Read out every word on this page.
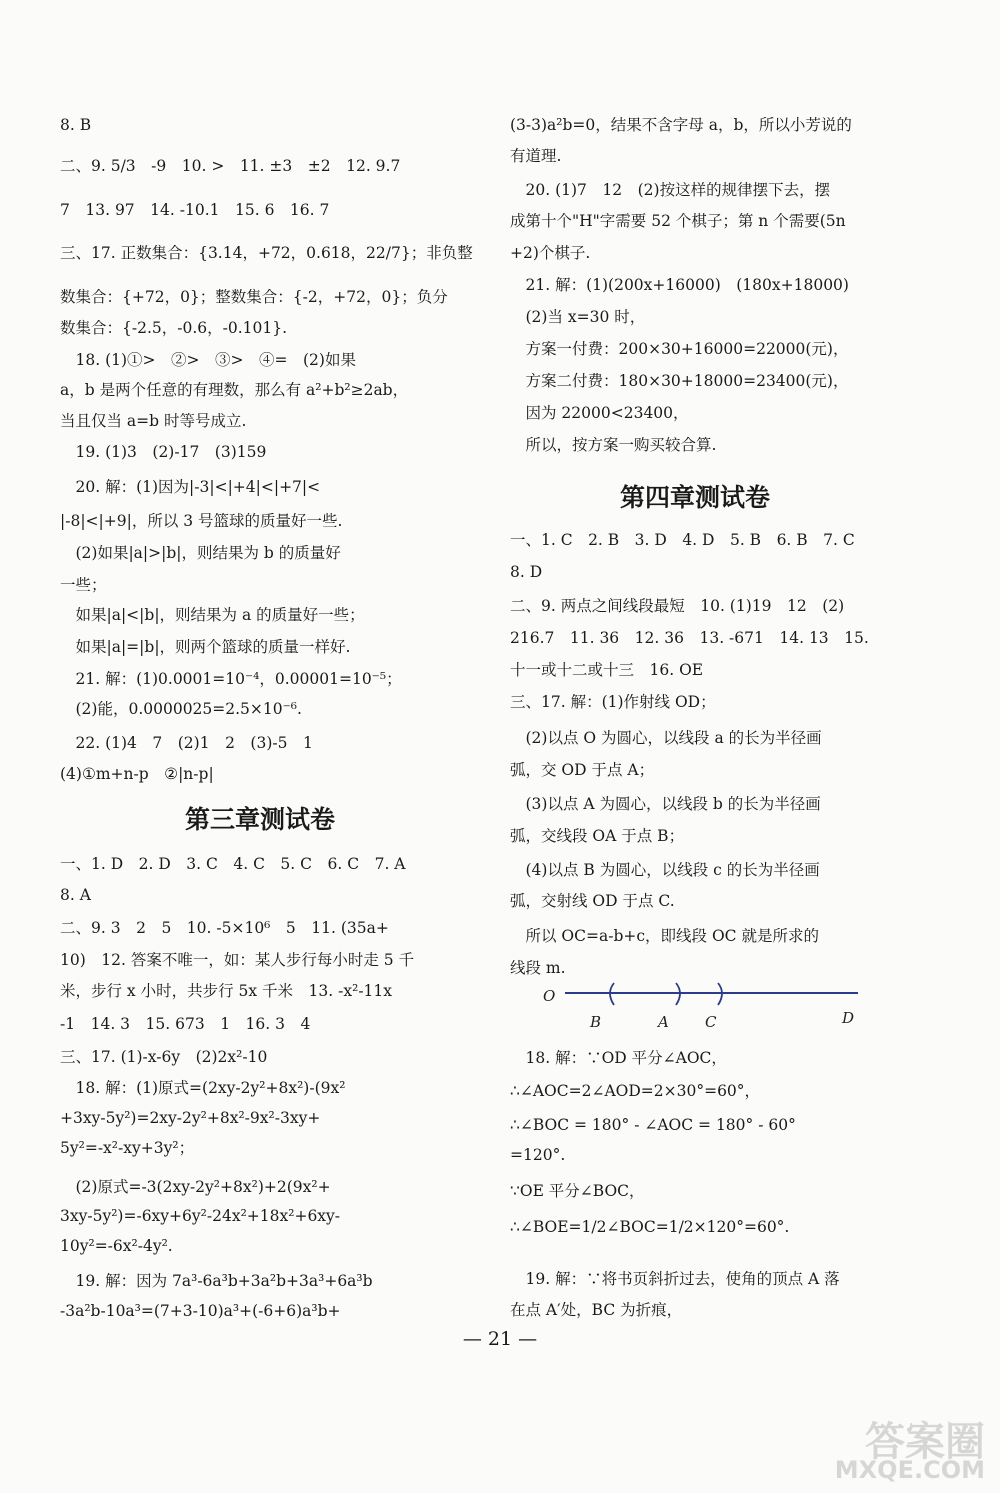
8. B
二、9. 5/3　-9　10. >　11. ±3　±2　12. 9.7
7　13. 97　14. -10.1　15. 6　16. 7
三、17. 正数集合：{3.14，+72，0.618，22/7}；非负整
数集合：{+72，0}；整数集合：{-2，+72，0}；负分
数集合：{-2.5，-0.6，-0.101}.
　18. (1)①>　②>　③>　④=　(2)如果
a，b 是两个任意的有理数，那么有 a²+b²≥2ab，
当且仅当 a=b 时等号成立.
　19. (1)3　(2)-17　(3)159
　20. 解：(1)因为|-3|<|+4|<|+7|<
|-8|<|+9|，所以 3 号篮球的质量好一些.
　(2)如果|a|>|b|，则结果为 b 的质量好
一些；
　如果|a|<|b|，则结果为 a 的质量好一些；
　如果|a|=|b|，则两个篮球的质量一样好.
　21. 解：(1)0.0001=10⁻⁴，0.00001=10⁻⁵；
　(2)能，0.0000025=2.5×10⁻⁶.
　22. (1)4　7　(2)1　2　(3)-5　1
(4)①m+n-p　②|n-p|
一、1. D　2. D　3. C　4. C　5. C　6. C　7. A
8. A
二、9. 3　2　5　10. -5×10⁶　5　11. (35a+
10)　12. 答案不唯一，如：某人步行每小时走 5 千
米，步行 x 小时，共步行 5x 千米　13. -x²-11x
-1　14. 3　15. 673　1　16. 3　4
三、17. (1)-x-6y　(2)2x²-10
　18. 解：(1)原式=(2xy-2y²+8x²)-(9x²
+3xy-5y²)=2xy-2y²+8x²-9x²-3xy+
5y²=-x²-xy+3y²；
　(2)原式=-3(2xy-2y²+8x²)+2(9x²+
3xy-5y²)=-6xy+6y²-24x²+18x²+6xy-
10y²=-6x²-4y².
　19. 解：因为 7a³-6a³b+3a²b+3a³+6a³b
-3a²b-10a³=(7+3-10)a³+(-6+6)a³b+
(3-3)a²b=0，结果不含字母 a，b，所以小芳说的
有道理.
　20. (1)7　12　(2)按这样的规律摆下去，摆
成第十个"H"字需要 52 个棋子；第 n 个需要(5n
+2)个棋子.
　21. 解：(1)(200x+16000)　(180x+18000)
　(2)当 x=30 时，
　方案一付费：200×30+16000=22000(元)，
　方案二付费：180×30+18000=23400(元)，
　因为 22000<23400，
　所以，按方案一购买较合算.
一、1. C　2. B　3. D　4. D　5. B　6. B　7. C
8. D
二、9. 两点之间线段最短　10. (1)19　12　(2)
216.7　11. 36　12. 36　13. -671　14. 13　15.
十一或十二或十三　16. OE
三、17. 解：(1)作射线 OD；
　(2)以点 O 为圆心，以线段 a 的长为半径画
弧，交 OD 于点 A；
　(3)以点 A 为圆心，以线段 b 的长为半径画
弧，交线段 OA 于点 B；
　(4)以点 B 为圆心，以线段 c 的长为半径画
弧，交射线 OD 于点 C.
　所以 OC=a-b+c，即线段 OC 就是所求的
线段 m.
　18. 解：∵OD 平分∠AOC，
∴∠AOC=2∠AOD=2×30°=60°，
∴∠BOC = 180° - ∠AOC = 180° - 60°
=120°.
∵OE 平分∠BOC，
∴∠BOE=1/2∠BOC=1/2×120°=60°.
　19. 解：∵将书页斜折过去，使角的顶点 A 落
在点 A′处，BC 为折痕，
第三章测试卷
第四章测试卷
O
B	A C	D
— 21 —
答案圈
MXQE.COM
